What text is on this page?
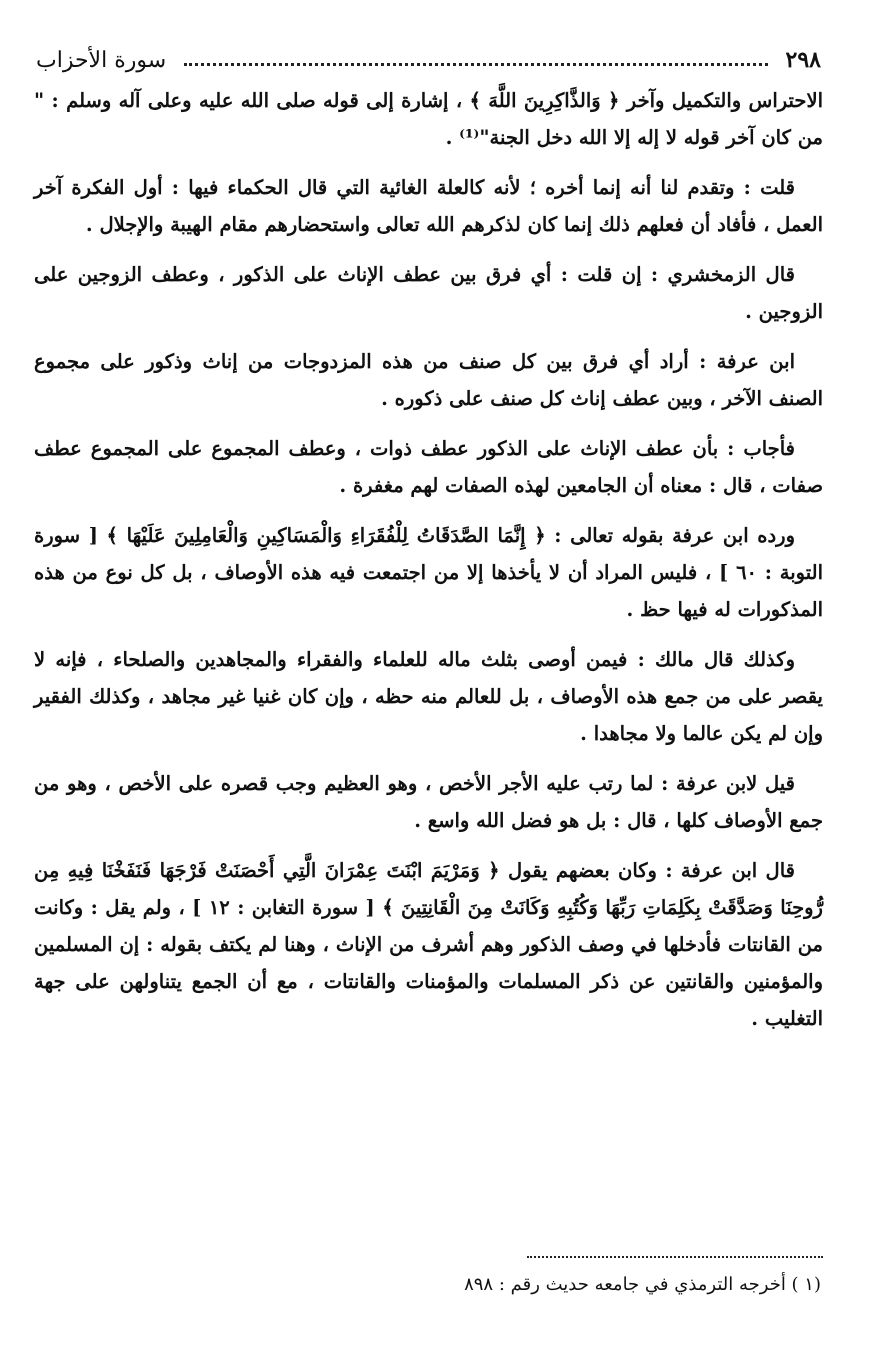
٢٩٨
سورة الأحزاب

الاحتراس والتكميل وآخر ﴿ وَالذَّاكِرِينَ اللَّهَ ﴾ ، إشارة إلى قوله صلى الله عليه وعلى آله وسلم : " من كان آخر قوله لا إله إلا الله دخل الجنة"⁽¹⁾ .

قلت : وتقدم لنا أنه إنما أخره ؛ لأنه كالعلة الغائية التي قال الحكماء فيها : أول الفكرة آخر العمل ، فأفاد أن فعلهم ذلك إنما كان لذكرهم الله تعالى واستحضارهم مقام الهيبة والإجلال .

قال الزمخشري : إن قلت : أي فرق بين عطف الإناث على الذكور ، وعطف الزوجين على الزوجين .

ابن عرفة : أراد أي فرق بين كل صنف من هذه المزدوجات من إناث وذكور على مجموع الصنف الآخر ، وبين عطف إناث كل صنف على ذكوره .

فأجاب : بأن عطف الإناث على الذكور عطف ذوات ، وعطف المجموع على المجموع عطف صفات ، قال : معناه أن الجامعين لهذه الصفات لهم مغفرة .

ورده ابن عرفة بقوله تعالى : ﴿ إِنَّمَا الصَّدَقَاتُ لِلْفُقَرَاءِ وَالْمَسَاكِينِ وَالْعَامِلِينَ عَلَيْهَا ﴾ [ سورة التوبة : ٦٠ ] ، فليس المراد أن لا يأخذها إلا من اجتمعت فيه هذه الأوصاف ، بل كل نوع من هذه المذكورات له فيها حظ .

وكذلك قال مالك : فيمن أوصى بثلث ماله للعلماء والفقراء والمجاهدين والصلحاء ، فإنه لا يقصر على من جمع هذه الأوصاف ، بل للعالم منه حظه ، وإن كان غنيا غير مجاهد ، وكذلك الفقير وإن لم يكن عالما ولا مجاهدا .

قيل لابن عرفة : لما رتب عليه الأجر الأخص ، وهو العظيم وجب قصره على الأخص ، وهو من جمع الأوصاف كلها ، قال : بل هو فضل الله واسع .

قال ابن عرفة : وكان بعضهم يقول ﴿ وَمَرْيَمَ ابْنَتَ عِمْرَانَ الَّتِي أَحْصَنَتْ فَرْجَهَا فَنَفَخْنَا فِيهِ مِن رُّوحِنَا وَصَدَّقَتْ بِكَلِمَاتِ رَبِّهَا وَكُتُبِهِ وَكَانَتْ مِنَ الْقَانِتِينَ ﴾ [ سورة التغابن : ١٢ ] ، ولم يقل : وكانت من القانتات فأدخلها في وصف الذكور وهم أشرف من الإناث ، وهنا لم يكتف بقوله : إن المسلمين والمؤمنين والقانتين عن ذكر المسلمات والمؤمنات والقانتات ، مع أن الجمع يتناولهن على جهة التغليب .

(١ ) أخرجه الترمذي في جامعه حديث رقم : ٨٩٨
